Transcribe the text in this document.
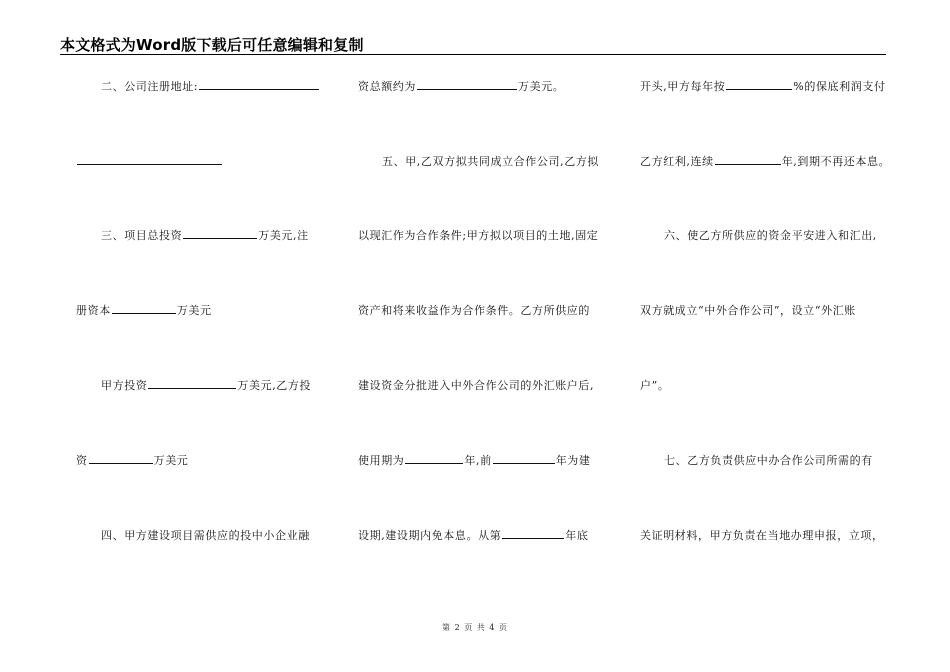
本文格式为Word版下载后可任意编辑和复制
二、公司注册地址:
三、项目总投资	万美元,注
册资本	万美元
甲方投资	万美元,乙方投
资	万美元
四、甲方建设项目需供应的投中小企业融
资总额约为	万美元。
五、甲,乙双方拟共同成立合作公司,乙方拟
以现汇作为合作条件;甲方拟以项目的土地,固定
资产和将来收益作为合作条件。乙方所供应的
建设资金分批进入中外合作公司的外汇账户后,
使用期为	年,前	年为建
设期,建设期内免本息。从第	年底
开头,甲方每年按	%的保底利润支付
乙方红利,连续	年,到期不再还本息。
六、使乙方所供应的资金平安进入和汇出,
双方就成立“中外合作公司”，设立“外汇账
户”。
七、乙方负责供应中办合作公司所需的有
关证明材料，甲方负责在当地办理申报，立项，
第 2 页 共 4 页
